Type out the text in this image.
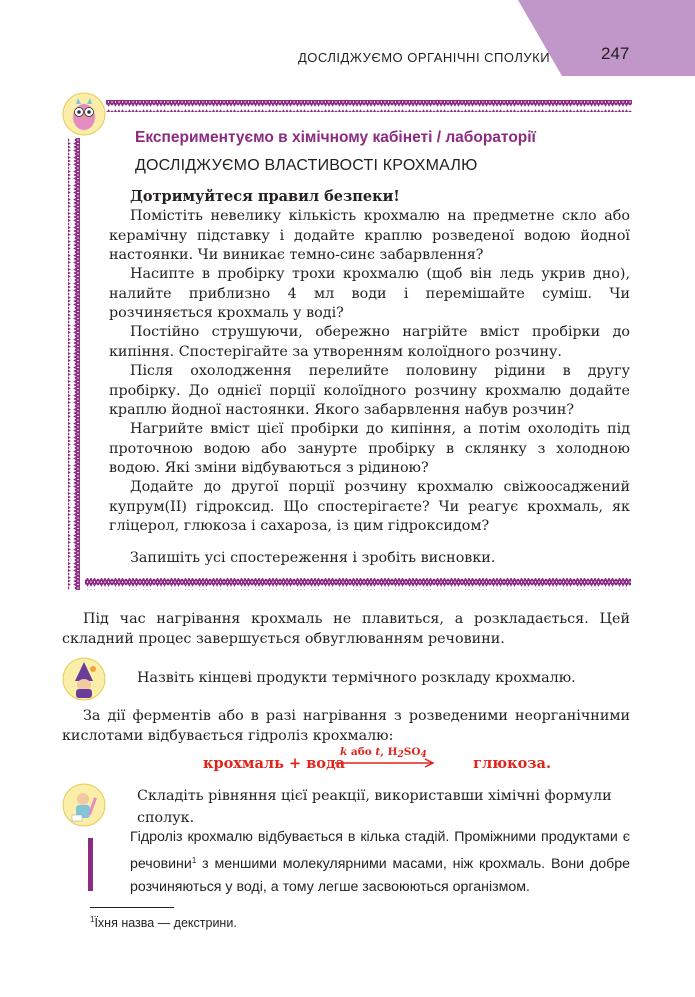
ДОСЛІДЖУЄМО ОРГАНІЧНІ СПОЛУКИ	247
Експериментуємо в хімічному кабінеті / лабораторії
ДОСЛІДЖУЄМО ВЛАСТИВОСТІ КРОХМАЛЮ
Дотримуйтеся правил безпеки!

Помістіть невелику кількість крохмалю на предметне скло або керамічну підставку і додайте краплю розведеної водою йодної настоянки. Чи виникає темно-синє забарвлення?

Насипте в пробірку трохи крохмалю (щоб він ледь укрив дно), налийте приблизно 4 мл води і перемішайте суміш. Чи розчиняється крохмаль у воді?

Постійно струшуючи, обережно нагрійте вміст пробірки до кипіння. Спостерігайте за утворенням колоїдного розчину.

Після охолодження перелийте половину рідини в другу пробірку. До однієї порції колоїдного розчину крохмалю додайте краплю йодної настоянки. Якого забарвлення набув розчин?

Нагрийте вміст цієї пробірки до кипіння, а потім охолодіть під проточною водою або занурте пробірку в склянку з холодною водою. Які зміни відбуваються з рідиною?

Додайте до другої порції розчину крохмалю свіжоосаджений купрум(ІІ) гідроксид. Що спостерігаєте? Чи реагує крохмаль, як гліцерол, глюкоза і сахароза, із цим гідроксидом?

Запишіть усі спостереження і зробіть висновки.

Під час нагрівання крохмаль не плавиться, а розкладається. Цей складний процес завершується обвуглюванням речовини.

Назвіть кінцеві продукти термічного розкладу крохмалю.

За дії ферментів або в разі нагрівання з розведеними неорганічними кислотами відбувається гідроліз крохмалю:

крохмаль + вода	глюкоза.
k або t, $H_2SO_4$

Складіть рівняння цієї реакції, використавши хімічні формули сполук.

Гідроліз крохмалю відбувається в кілька стадій. Проміжними продуктами є речовини$^1$ з меншими молекулярними масами, ніж крохмаль. Вони добре розчиняються у воді, а тому легше засвоюються організмом.

$^1$Їхня назва — декстрини.
